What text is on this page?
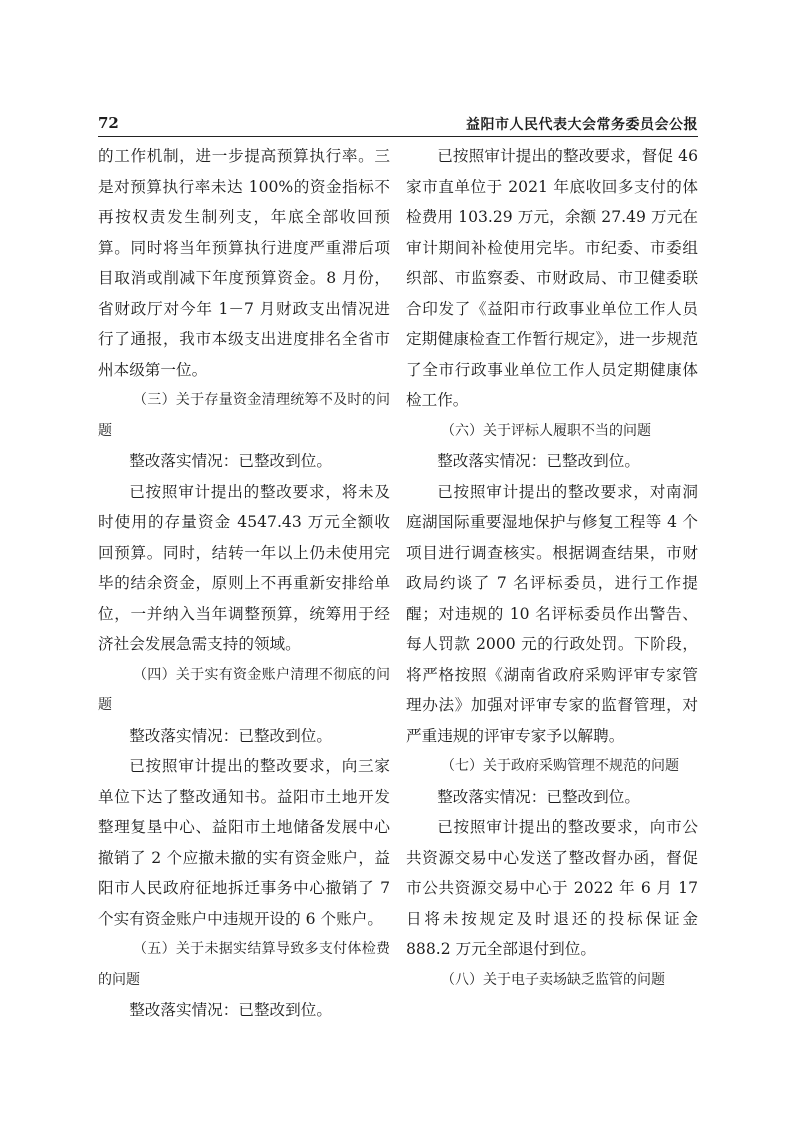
72	益阳市人民代表大会常务委员会公报

的工作机制，进一步提高预算执行率。三是对预算执行率未达 100%的资金指标不再按权责发生制列支，年底全部收回预算。同时将当年预算执行进度严重滞后项目取消或削减下年度预算资金。8 月份，省财政厅对今年 1－7 月财政支出情况进行了通报，我市本级支出进度排名全省市州本级第一位。

（三）关于存量资金清理统筹不及时的问题

整改落实情况：已整改到位。

已按照审计提出的整改要求，将未及时使用的存量资金 4547.43 万元全额收回预算。同时，结转一年以上仍未使用完毕的结余资金，原则上不再重新安排给单位，一并纳入当年调整预算，统筹用于经济社会发展急需支持的领域。

（四）关于实有资金账户清理不彻底的问题

整改落实情况：已整改到位。

已按照审计提出的整改要求，向三家单位下达了整改通知书。益阳市土地开发整理复垦中心、益阳市土地储备发展中心撤销了 2 个应撤未撤的实有资金账户，益阳市人民政府征地拆迁事务中心撤销了 7 个实有资金账户中违规开设的 6 个账户。

（五）关于未据实结算导致多支付体检费的问题

整改落实情况：已整改到位。

已按照审计提出的整改要求，督促 46 家市直单位于 2021 年底收回多支付的体检费用 103.29 万元，余额 27.49 万元在审计期间补检使用完毕。市纪委、市委组织部、市监察委、市财政局、市卫健委联合印发了《益阳市行政事业单位工作人员定期健康检查工作暂行规定》，进一步规范了全市行政事业单位工作人员定期健康体检工作。

（六）关于评标人履职不当的问题

整改落实情况：已整改到位。

已按照审计提出的整改要求，对南洞庭湖国际重要湿地保护与修复工程等 4 个项目进行调查核实。根据调查结果，市财政局约谈了 7 名评标委员，进行工作提醒；对违规的 10 名评标委员作出警告、每人罚款 2000 元的行政处罚。下阶段，将严格按照《湖南省政府采购评审专家管理办法》加强对评审专家的监督管理，对严重违规的评审专家予以解聘。

（七）关于政府采购管理不规范的问题

整改落实情况：已整改到位。

已按照审计提出的整改要求，向市公共资源交易中心发送了整改督办函，督促市公共资源交易中心于 2022 年 6 月 17 日将未按规定及时退还的投标保证金 888.2 万元全部退付到位。

（八）关于电子卖场缺乏监管的问题
